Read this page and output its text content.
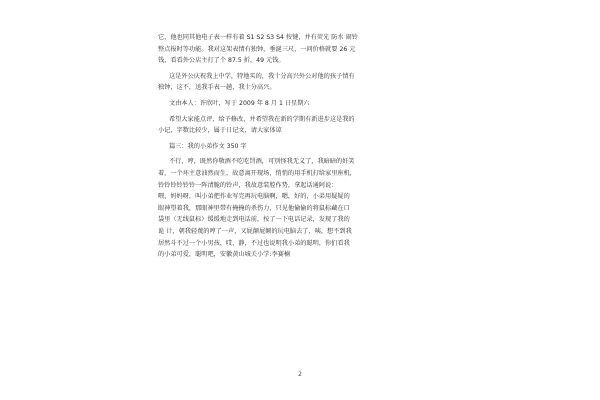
它，他也同其他电子表一样有着 S1 S2 S3 S4 按键，并有荧光 防水 闹铃
整点报时等功能。我对这架表情有独钟，垂涎三尺，一问价格就要 26 元
钱，看看外公店主打了个 87.5 折，49 元钱。
这是外公庆祝我上中学，特地买的，我十分高兴外公对他的孩子情有
独钟，这不，送我手表一趟，我十分高兴。
文由本人：许欣叶，写于 2009 年 8 月 1 日星期六
希望大家能点评，给予修改，并希望我在新的学期有新进步这是我的
小记，字数比较少，属于日记文，请大家体谅
篇三：我的小弟作文 350 字
不行，哼，既然你敬酒不吃吃罚酒，可别怪我无义了，我暗暗的奸笑
着，一个坏主意油然而生，故意离开现场，悄悄的用手机打给家里座机，
铃铃铃铃铃铃一阵清脆的铃声，我故意装腔作势，拿起话通阿说：
喂，妈妈呀，叫小弟把作业写完再玩电脑啊，嗯，好的，小弟用疑疑的
眼神望着我，那眼神里带有掩掩的杀伤力，只见他偷偷的将鼠标藏在口
袋里（无线鼠标）缓缓地走到电话前，按了一下电话记录，发现了我的
诡 计，朝我轻蔑的哼了一声，又屁颠屁颠的玩电脑去了，咦，想不到我
居然斗不过一个小男孩，哎，静，不过也说明我小弟的聪明，你们看我
的小弟可爱，聪明吧，安徽黄山城关小学:李赛楠
2
